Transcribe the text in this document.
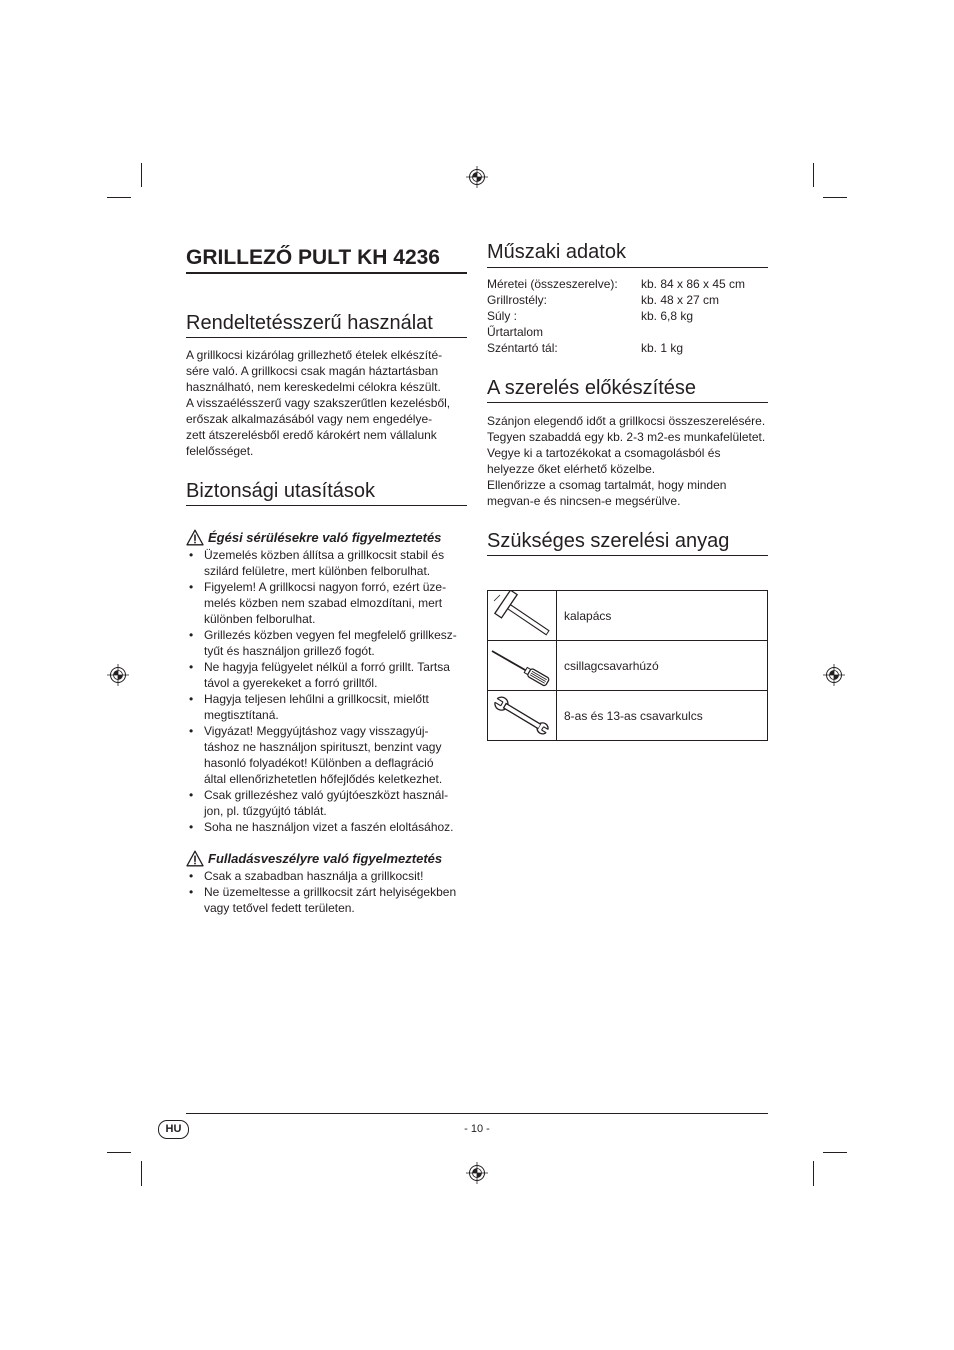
GRILLEZŐ PULT KH 4236
Rendeltetésszerű használat
A grillkocsi kizárólag grillezhető ételek elkészíté-
sére való. A grillkocsi csak magán háztartásban
használható, nem kereskedelmi célokra készült.
A visszaélésszerű vagy szakszerűtlen kezelésből,
erőszak alkalmazásából vagy nem engedélye-
zett átszerelésből eredő károkért nem vállalunk
felelősséget.
Biztonsági utasítások
Égési sérülésekre való figyelmeztetés
• Üzemelés közben állítsa a grillkocsit stabil és
szilárd felületre, mert különben felborulhat.
• Figyelem! A grillkocsi nagyon forró, ezért üze-
melés közben nem szabad elmozdítani, mert
különben felborulhat.
• Grillezés közben vegyen fel megfelelő grillkesz-
tyűt és használjon grillező fogót.
• Ne hagyja felügyelet nélkül a forró grillt. Tartsa
távol a gyerekeket a forró grilltől.
• Hagyja teljesen lehűlni a grillkocsit, mielőtt
megtisztítaná.
• Vigyázat! Meggyújtáshoz vagy visszagyúj-
táshoz ne használjon spirituszt, benzint vagy
hasonló folyadékot! Különben a deflagráció
által ellenőrizhetetlen hőfejlődés keletkezhet.
• Csak grillezéshez való gyújtóeszközt használ-
jon, pl. tűzgyújtó táblát.
• Soha ne használjon vizet a faszén eloltásához.
Fulladásveszélyre való figyelmeztetés
• Csak a szabadban használja a grillkocsit!
• Ne üzemeltesse a grillkocsit zárt helyiségekben
vagy tetővel fedett területen.
Műszaki adatok
Méretei (összeszerelve): kb. 84 x 86 x 45 cm
Grillrostély:	kb. 48 x 27 cm
Súly :	kb. 6,8 kg
Űrtartalom
Széntartó tál:	kb. 1 kg
A szerelés előkészítése
Szánjon elegendő időt a grillkocsi összeszerelésére.
Tegyen szabaddá egy kb. 2-3 m2-es munkafelületet.
Vegye ki a tartozékokat a csomagolásból és
helyezze őket elérhető közelbe.
Ellenőrizze a csomag tartalmát, hogy minden
megvan-e és nincsen-e megsérülve.
Szükséges szerelési anyag
	kalapács

	csillagcsavarhúzó

	8-as és 13-as csavarkulcs
HU	- 10 -
